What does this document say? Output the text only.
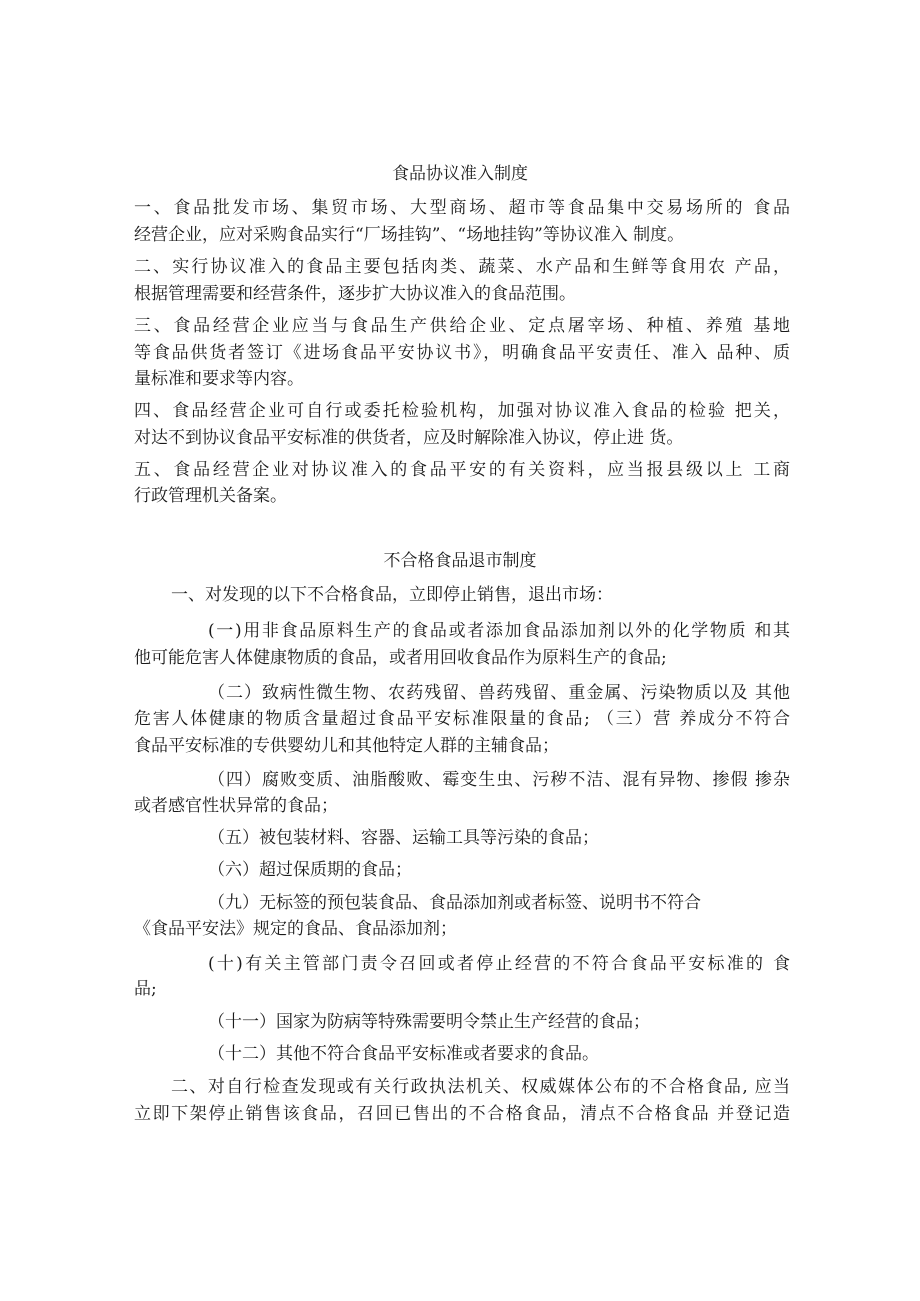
食品协议准入制度
一、食品批发市场、集贸市场、大型商场、超市等食品集中交易场所的 食品
经营企业，应对采购食品实行“厂场挂钩”、“场地挂钩”等协议准入 制度。
二、实行协议准入的食品主要包括肉类、蔬菜、水产品和生鲜等食用农 产品，
根据管理需要和经营条件，逐步扩大协议准入的食品范围。
三、食品经营企业应当与食品生产供给企业、定点屠宰场、种植、养殖 基地
等食品供货者签订《进场食品平安协议书》，明确食品平安责任、准入 品种、质
量标准和要求等内容。
四、食品经营企业可自行或委托检验机构，加强对协议准入食品的检验 把关，
对达不到协议食品平安标准的供货者，应及时解除准入协议，停止进 货。
五、食品经营企业对协议准入的食品平安的有关资料，应当报县级以上 工商
行政管理机关备案。
不合格食品退市制度
一、对发现的以下不合格食品，立即停止销售，退出市场：
(一)用非食品原料生产的食品或者添加食品添加剂以外的化学物质 和其
他可能危害人体健康物质的食品，或者用回收食品作为原料生产的食品;
（二）致病性微生物、农药残留、兽药残留、重金属、污染物质以及 其他
危害人体健康的物质含量超过食品平安标准限量的食品; （三）营 养成分不符合
食品平安标准的专供婴幼儿和其他特定人群的主辅食品；
（四）腐败变质、油脂酸败、霉变生虫、污秽不洁、混有异物、掺假 掺杂
或者感官性状异常的食品；
（五）被包装材料、容器、运输工具等污染的食品；
（六）超过保质期的食品；
（九）无标签的预包装食品、食品添加剂或者标签、说明书不符合
《食品平安法》规定的食品、食品添加剂；
(十)有关主管部门责令召回或者停止经营的不符合食品平安标准的 食
品;
（十一）国家为防病等特殊需要明令禁止生产经营的食品；
（十二）其他不符合食品平安标准或者要求的食品。
二、对自行检查发现或有关行政执法机关、权威媒体公布的不合格食品, 应当
立即下架停止销售该食品，召回已售出的不合格食品，清点不合格食品 并登记造
